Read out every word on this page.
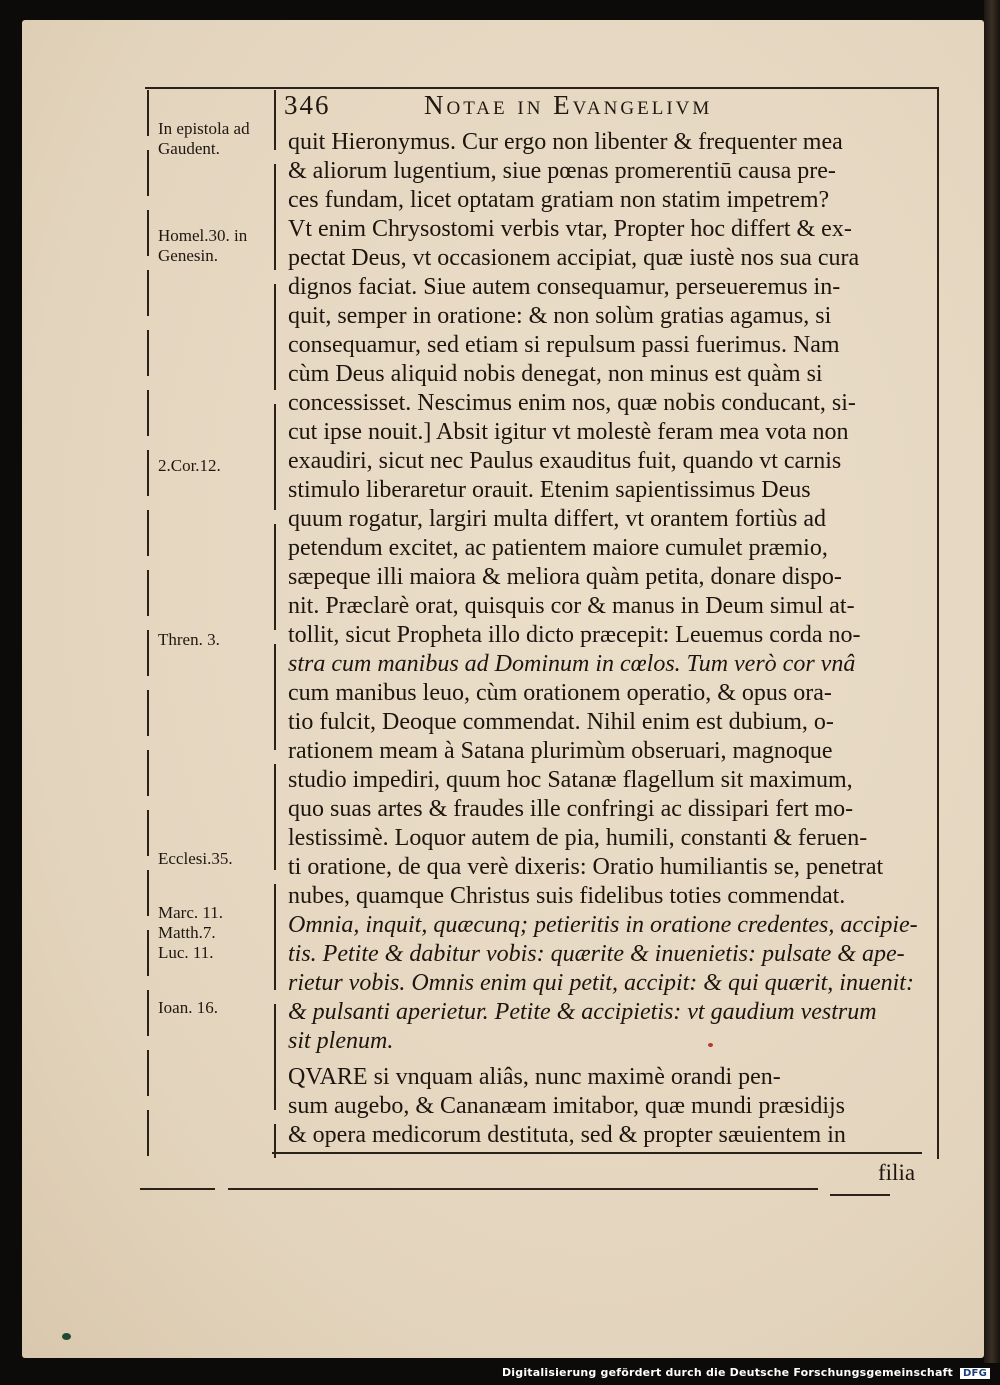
346	Notae in Evangelivm
In epistola ad
Gaudent.
Homel.30. in
Genesin.
2.Cor.12.
Thren. 3.
Ecclesi.35.
Marc. 11.
Matth.7.
Luc. 11.
Ioan. 16.
quit Hieronymus. Cur ergo non libenter & frequenter mea
& aliorum lugentium, siue pœnas promerentiū causa pre-
ces fundam, licet optatam gratiam non statim impetrem?
Vt enim Chrysostomi verbis vtar, Propter hoc differt & ex-
pectat Deus, vt occasionem accipiat, quæ iustè nos sua cura
dignos faciat. Siue autem consequamur, perseueremus in-
quit, semper in oratione: & non solùm gratias agamus, si
consequamur, sed etiam si repulsum passi fuerimus. Nam
cùm Deus aliquid nobis denegat, non minus est quàm si
concessisset. Nescimus enim nos, quæ nobis conducant, si-
cut ipse nouit.] Absit igitur vt molestè feram mea vota non
exaudiri, sicut nec Paulus exauditus fuit, quando vt carnis
stimulo liberaretur orauit. Etenim sapientissimus Deus
quum rogatur, largiri multa differt, vt orantem fortiùs ad
petendum excitet, ac patientem maiore cumulet præmio,
sæpeque illi maiora & meliora quàm petita, donare dispo-
nit. Præclarè orat, quisquis cor & manus in Deum simul at-
tollit, sicut Propheta illo dicto præcepit: Leuemus corda no-
stra cum manibus ad Dominum in cœlos. Tum verò cor vnâ
cum manibus leuo, cùm orationem operatio, & opus ora-
tio fulcit, Deoque commendat. Nihil enim est dubium, o-
rationem meam à Satana plurimùm obseruari, magnoque
studio impediri, quum hoc Satanæ flagellum sit maximum,
quo suas artes & fraudes ille confringi ac dissipari fert mo-
lestissimè. Loquor autem de pia, humili, constanti & feruen-
ti oratione, de qua verè dixeris: Oratio humiliantis se, penetrat
nubes, quamque Christus suis fidelibus toties commendat.
Omnia, inquit, quæcunq; petieritis in oratione credentes, accipie-
tis. Petite & dabitur vobis: quærite & inuenietis: pulsate & ape-
rietur vobis. Omnis enim qui petit, accipit: & qui quærit, inuenit:
& pulsanti aperietur. Petite & accipietis: vt gaudium vestrum
sit plenum.
QVARE si vnquam aliâs, nunc maximè orandi pen-
sum augebo, & Cananæam imitabor, quæ mundi præsidijs
& opera medicorum destituta, sed & propter sæuientem in
filia
Digitalisierung gefördert durch die Deutsche Forschungsgemeinschaft DFG
